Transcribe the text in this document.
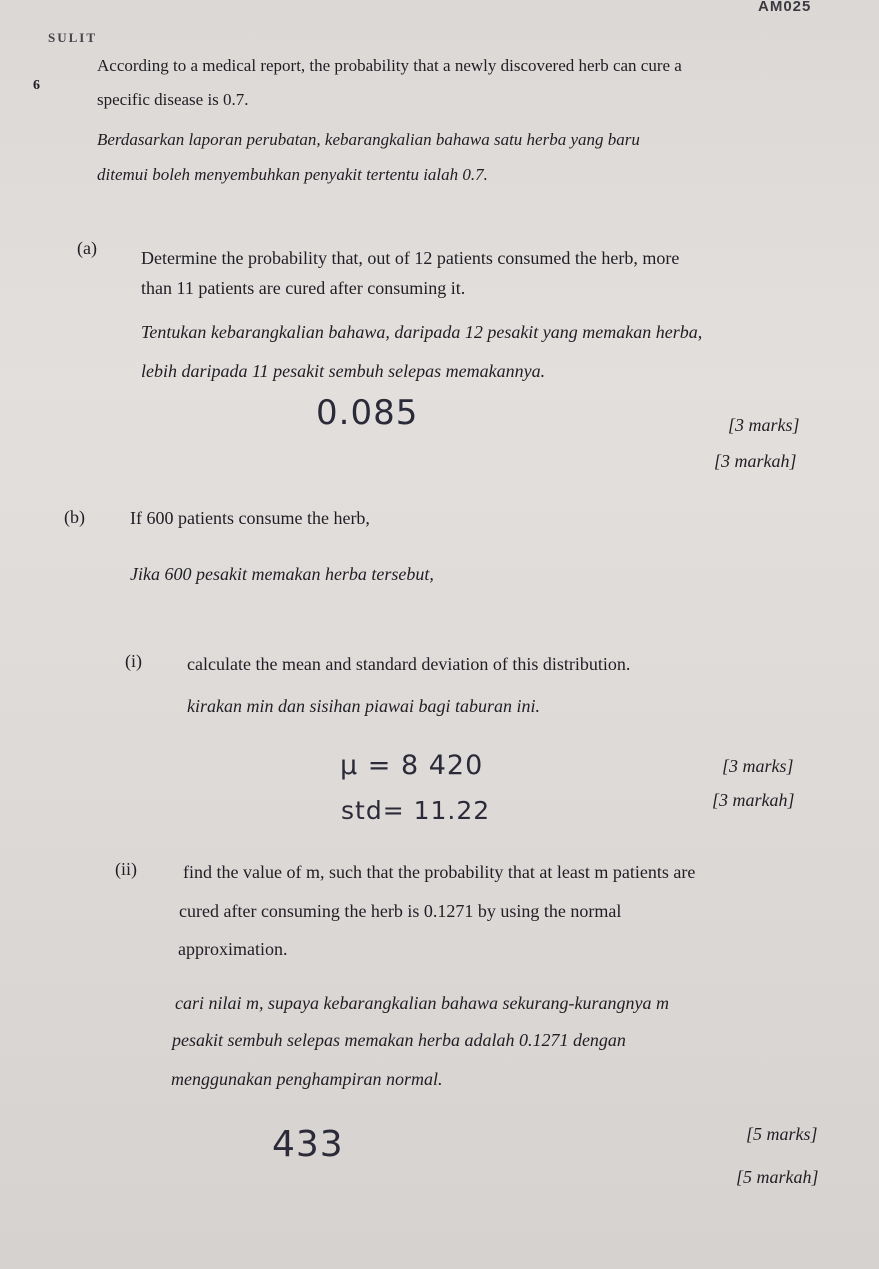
AM025
SULIT
6
According to a medical report, the probability that a newly discovered herb can cure a
specific disease is 0.7.
Berdasarkan laporan perubatan, kebarangkalian bahawa satu herba yang baru
ditemui boleh menyembuhkan penyakit tertentu ialah 0.7.
(a) Determine the probability that, out of 12 patients consumed the herb, more
than 11 patients are cured after consuming it.
Tentukan kebarangkalian bahawa, daripada 12 pesakit yang memakan herba,
lebih daripada 11 pesakit sembuh selepas memakannya.
0.085	[3 marks]
[3 markah]
(b)	If 600 patients consume the herb,
Jika 600 pesakit memakan herba tersebut,
(i)	calculate the mean and standard deviation of this distribution.
kirakan min dan sisihan piawai bagi taburan ini.
μ = 8 420
std= 11.22
[3 marks]
[3 markah]
(ii)	find the value of m, such that the probability that at least m patients are
cured after consuming the herb is 0.1271 by using the normal
approximation.
cari nilai m, supaya kebarangkalian bahawa sekurang-kurangnya m
pesakit sembuh selepas memakan herba adalah 0.1271 dengan
menggunakan penghampiran normal.
433	[5 marks]
[5 markah]
